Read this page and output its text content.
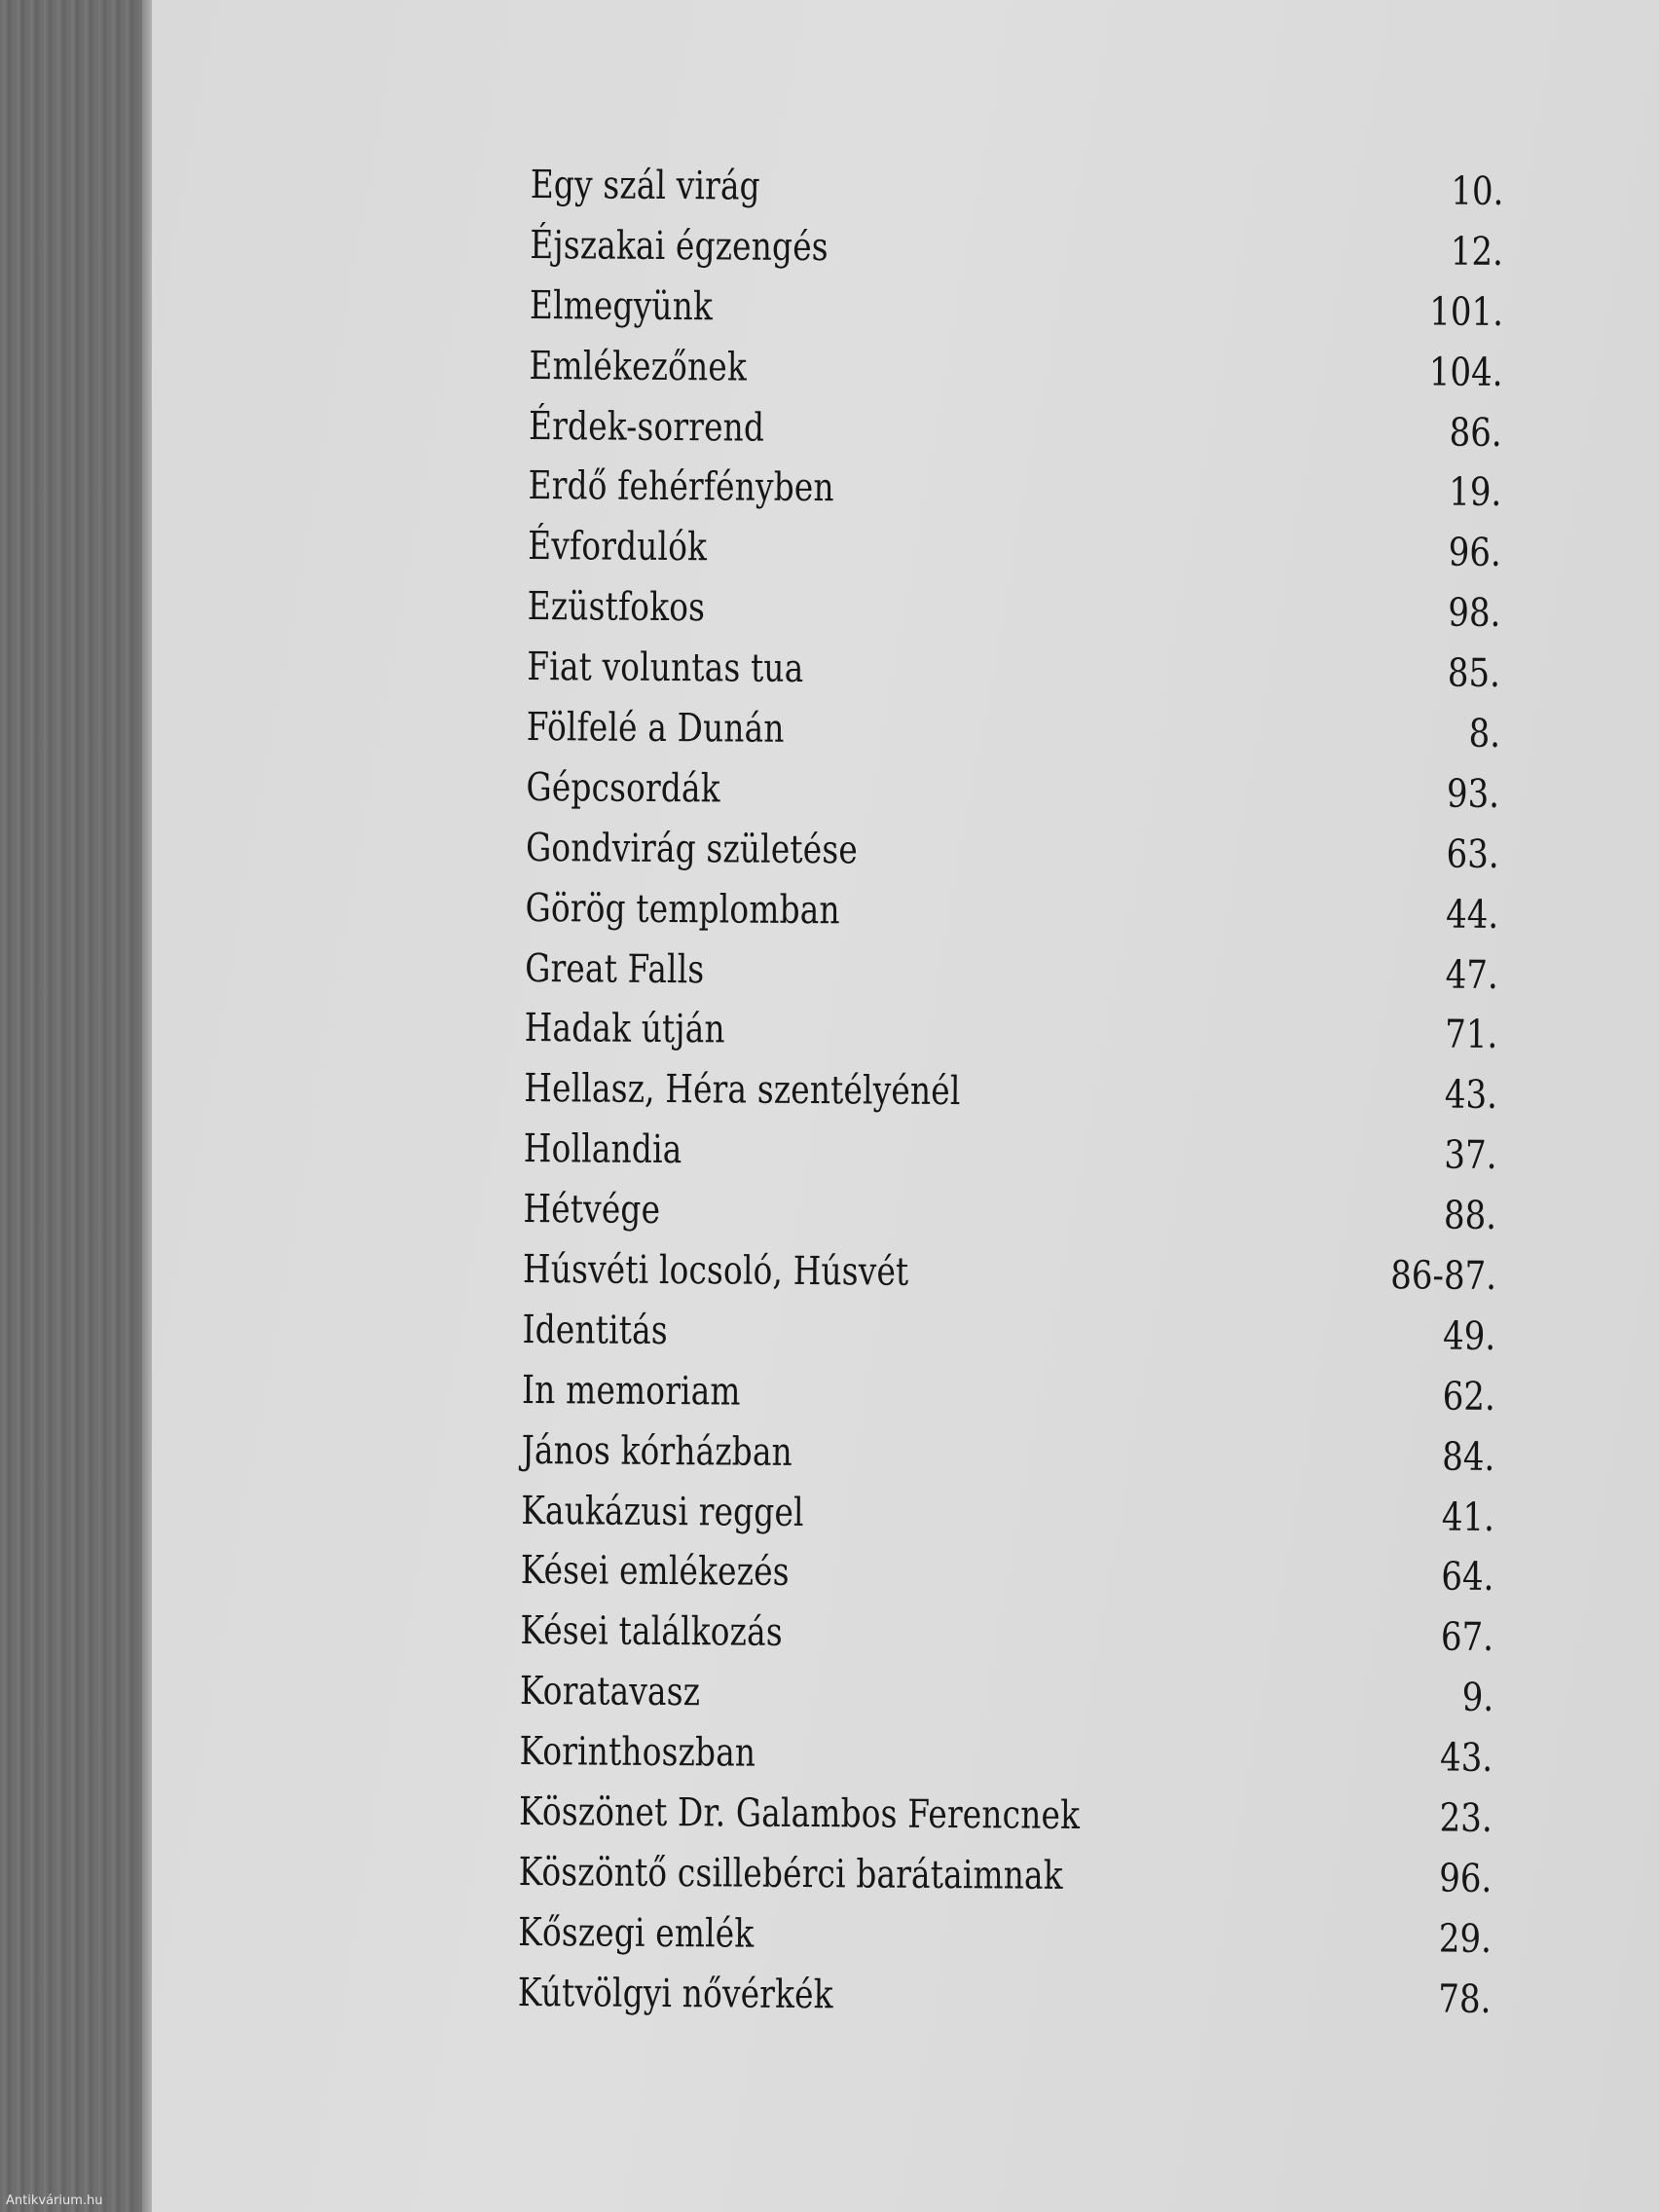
Egy szál virág	10.
Éjszakai égzengés	12.
Elmegyünk	101.
Emlékezőnek	104.
Érdek-sorrend	86.
Erdő fehérfényben	19.
Évfordulók	96.
Ezüstfokos	98.
Fiat voluntas tua	85.
Fölfelé a Dunán	8.
Gépcsordák	93.
Gondvirág születése	63.
Görög templomban	44.
Great Falls	47.
Hadak útján	71.
Hellasz, Héra szentélyénél	43.
Hollandia	37.
Hétvége	88.
Húsvéti locsoló, Húsvét	86-87.
Identitás	49.
In memoriam	62.
János kórházban	84.
Kaukázusi reggel	41.
Kései emlékezés	64.
Kései találkozás	67.
Koratavasz	9.
Korinthoszban	43.
Köszönet Dr. Galambos Ferencnek	23.
Köszöntő csillebérci barátaimnak	96.
Kőszegi emlék	29.
Kútvölgyi nővérkék	78.
Antikvárium.hu
